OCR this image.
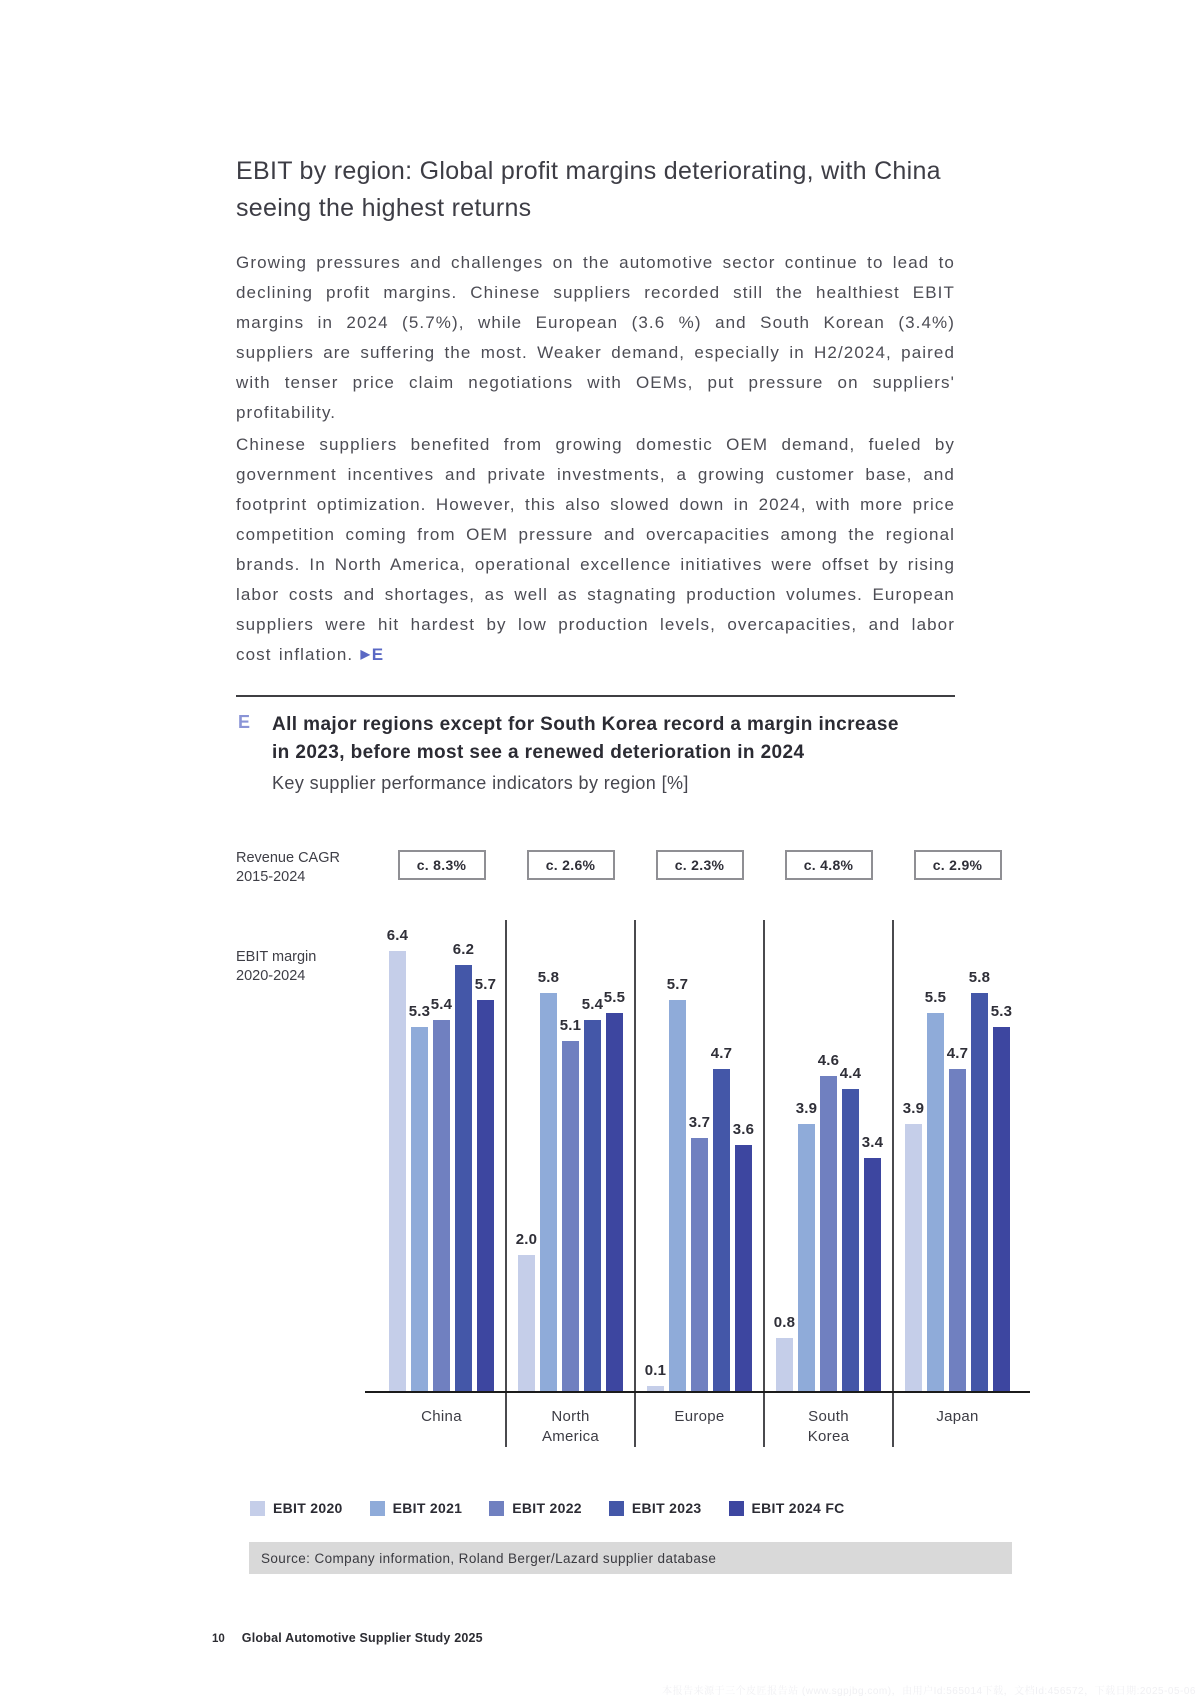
EBIT by region: Global profit margins deteriorating, with China
seeing the highest returns
Growing pressures and challenges on the automotive sector continue to lead to declining profit margins. Chinese suppliers recorded still the healthiest EBIT margins in 2024 (5.7%), while European (3.6 %) and South Korean (3.4%) suppliers are suffering the most. Weaker demand, especially in H2/2024, paired with tenser price claim negotiations with OEMs, put pressure on suppliers' profitability.
Chinese suppliers benefited from growing domestic OEM demand, fueled by government incentives and private investments, a growing customer base, and footprint optimization. However, this also slowed down in 2024, with more price competition coming from OEM pressure and overcapacities among the regional brands. In North America, operational excellence initiatives were offset by rising labor costs and shortages, as well as stagnating production volumes. European suppliers were hit hardest by low production levels, overcapacities, and labor cost inflation. ▶ E
E All major regions except for South Korea record a margin increase
in 2023, before most see a renewed deterioration in 2024
Key supplier performance indicators by region [%]
Revenue CAGR
2015-2024
EBIT margin
2020-2024
c. 8.3%
6.4
5.3 5.4
6.2
5.7
China
c. 2.6%
2.0
5.8
5.1
5.4 5.5
North America
c. 2.3%
0.1
5.7
3.7
4.7
3.6
Europe
c. 4.8%
0.8
3.9
4.6
4.4
3.4
South Korea
c. 2.9%
3.9
5.5
4.7
5.8
5.3
Japan
EBIT 2020	EBIT 2021	EBIT 2022	EBIT 2023	EBIT 2024 FC
Source: Company information, Roland Berger/Lazard supplier database
10 Global Automotive Supplier Study 2025
本报告来源于三个皮匠报告站 (www.sgpjbg.com)，由用户Id:565014下载，文档Id:456572，下载日期:2025-05-06
